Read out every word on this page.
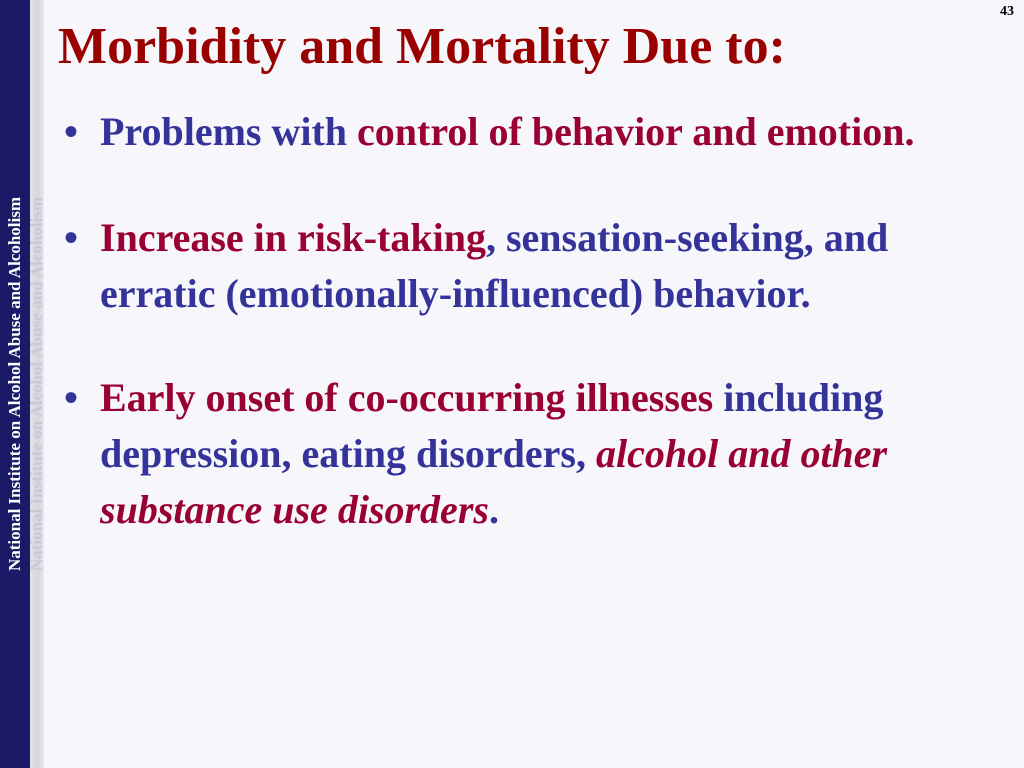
National Institute on Alcohol Abuse and Alcoholism
National Institute on Alcohol Abuse and Alcoholism
43
Morbidity and Mortality Due to:
• Problems with control of behavior and emotion.
• Increase in risk-taking, sensation-seeking, and erratic (emotionally-influenced) behavior.
• Early onset of co-occurring illnesses including depression, eating disorders, alcohol and other substance use disorders.
